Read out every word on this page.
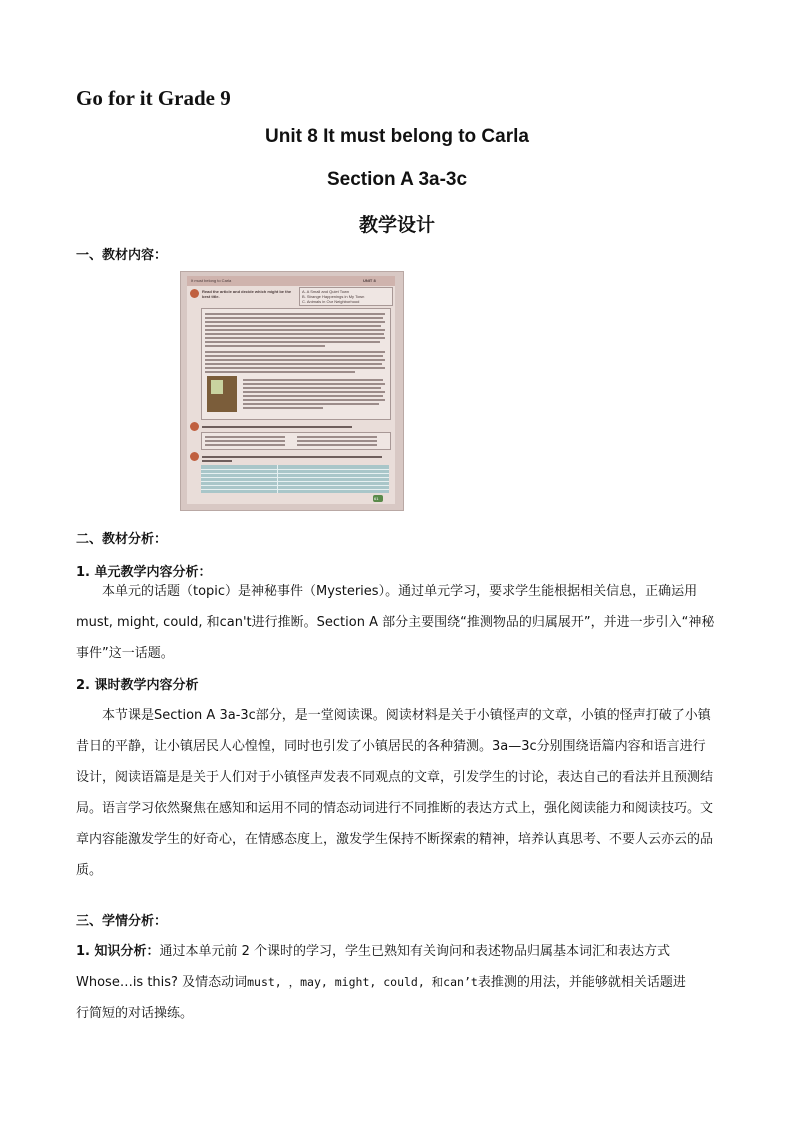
Go for it Grade 9
Unit 8 It must belong to Carla
Section A 3a-3c
教学设计
一、教材内容：
It must belong to Carla	UNIT 8
Read the article and decide which might be the best title.
A. A Small and Quiet Town
B. Strange Happenings in My Town
C. Animals in Our Neighborhood
61
二、教材分析：
1. 单元教学内容分析：
本单元的话题（topic）是神秘事件（Mysteries）。通过单元学习，要求学生能根据相关信息，正确运用must, might, could, 和can't进行推断。Section A 部分主要围绕“推测物品的归属展开”，并进一步引入“神秘事件”这一话题。
2. 课时教学内容分析
本节课是Section A 3a-3c部分，是一堂阅读课。阅读材料是关于小镇怪声的文章，小镇的怪声打破了小镇昔日的平静，让小镇居民人心惶惶，同时也引发了小镇居民的各种猜测。3a—3c分别围绕语篇内容和语言进行设计，阅读语篇是是关于人们对于小镇怪声发表不同观点的文章，引发学生的讨论，表达自己的看法并且预测结局。语言学习依然聚焦在感知和运用不同的情态动词进行不同推断的表达方式上，强化阅读能力和阅读技巧。文章内容能激发学生的好奇心，在情感态度上，激发学生保持不断探索的精神，培养认真思考、不要人云亦云的品质。
三、学情分析：
1. 知识分析：通过本单元前 2 个课时的学习，学生已熟知有关询问和表述物品归属基本词汇和表达方式
Whose…is this? 及情态动词must, ，may, might, could, 和can’t表推测的用法，并能够就相关话题进
行简短的对话操练。
